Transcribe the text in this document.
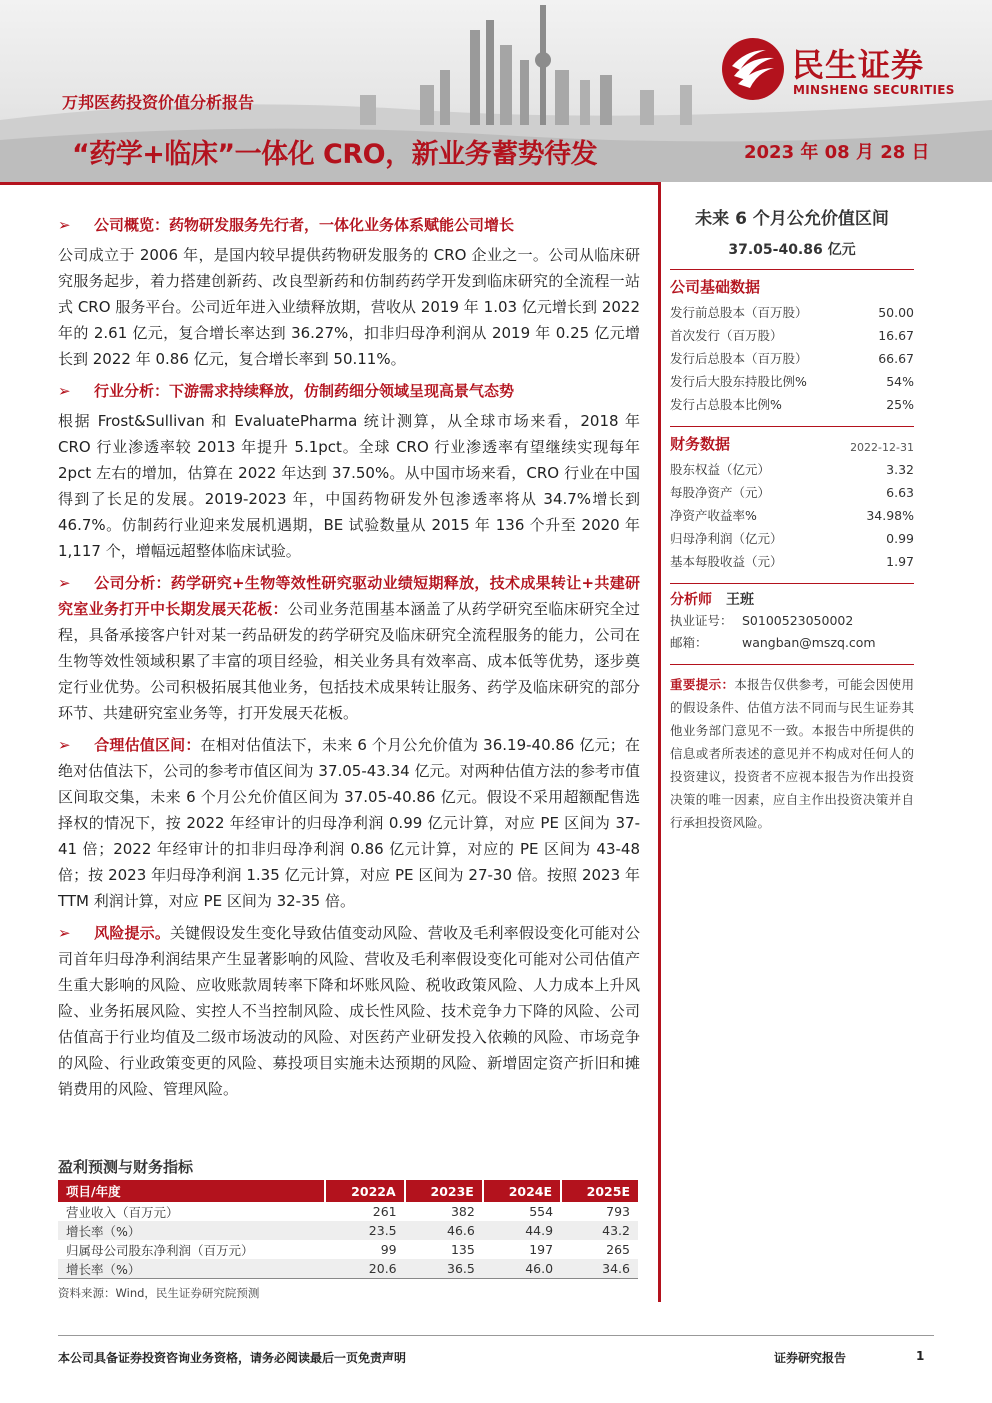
万邦医药投资价值分析报告
“药学+临床”一体化 CRO，新业务蓄势待发	2023 年 08 月 28 日
民生证券
MINSHENG SECURITIES

➢ 公司概览：药物研发服务先行者，一体化业务体系赋能公司增长

公司成立于 2006 年，是国内较早提供药物研发服务的 CRO 企业之一。公司从临床研究服务起步，着力搭建创新药、改良型新药和仿制药药学开发到临床研究的全流程一站式 CRO 服务平台。公司近年进入业绩释放期，营收从 2019 年 1.03 亿元增长到 2022 年的 2.61 亿元，复合增长率达到 36.27%，扣非归母净利润从 2019 年 0.25 亿元增长到 2022 年 0.86 亿元，复合增长率到 50.11%。

➢ 行业分析：下游需求持续释放，仿制药细分领域呈现高景气态势

根据 Frost&Sullivan 和 EvaluatePharma 统计测算，从全球市场来看，2018 年 CRO 行业渗透率较 2013 年提升 5.1pct。全球 CRO 行业渗透率有望继续实现每年 2pct 左右的增加，估算在 2022 年达到 37.50%。从中国市场来看，CRO 行业在中国得到了长足的发展。2019-2023 年，中国药物研发外包渗透率将从 34.7%增长到 46.7%。仿制药行业迎来发展机遇期，BE 试验数量从 2015 年 136 个升至 2020 年 1,117 个，增幅远超整体临床试验。

➢ 公司分析：药学研究+生物等效性研究驱动业绩短期释放，技术成果转让+共建研究室业务打开中长期发展天花板：公司业务范围基本涵盖了从药学研究至临床研究全过程，具备承接客户针对某一药品研发的药学研究及临床研究全流程服务的能力，公司在生物等效性领域积累了丰富的项目经验，相关业务具有效率高、成本低等优势，逐步奠定行业优势。公司积极拓展其他业务，包括技术成果转让服务、药学及临床研究的部分环节、共建研究室业务等，打开发展天花板。

➢ 合理估值区间：在相对估值法下，未来 6 个月公允价值为 36.19-40.86 亿元；在绝对估值法下，公司的参考市值区间为 37.05-43.34 亿元。对两种估值方法的参考市值区间取交集，未来 6 个月公允价值区间为 37.05-40.86 亿元。假设不采用超额配售选择权的情况下，按 2022 年经审计的归母净利润 0.99 亿元计算，对应 PE 区间为 37-41 倍；2022 年经审计的扣非归母净利润 0.86 亿元计算，对应的 PE 区间为 43-48 倍；按 2023 年归母净利润 1.35 亿元计算，对应 PE 区间为 27-30 倍。按照 2023 年 TTM 利润计算，对应 PE 区间为 32-35 倍。

➢ 风险提示。关键假设发生变化导致估值变动风险、营收及毛利率假设变化可能对公司首年归母净利润结果产生显著影响的风险、营收及毛利率假设变化可能对公司估值产生重大影响的风险、应收账款周转率下降和坏账风险、税收政策风险、人力成本上升风险、业务拓展风险、实控人不当控制风险、成长性风险、技术竞争力下降的风险、公司估值高于行业均值及二级市场波动的风险、对医药产业研发投入依赖的风险、市场竞争的风险、行业政策变更的风险、募投项目实施未达预期的风险、新增固定资产折旧和摊销费用的风险、管理风险。

未来 6 个月公允价值区间

37.05-40.86 亿元
公司基础数据
发行前总股本（百万股）	50.00
首次发行（百万股）	16.67
发行后总股本（百万股）	66.67
发行后大股东持股比例%	54%
发行占总股本比例%	25%
财务数据	2022-12-31
股东权益（亿元）	3.32
每股净资产（元）	6.63
净资产收益率%	34.98%
归母净利润（亿元）	0.99
基本每股收益（元）	1.97
分析师	王班
执业证号： S0100523050002
邮箱：	wangban@mszq.com
重要提示：本报告仅供参考，可能会因使用的假设条件、估值方法不同而与民生证券其他业务部门意见不一致。本报告中所提供的信息或者所表述的意见并不构成对任何人的投资建议，投资者不应视本报告为作出投资决策的唯一因素，应自主作出投资决策并自行承担投资风险。
盈利预测与财务指标
项目/年度	2022A	2023E	2024E	2025E
营业收入（百万元）	261	382	554	793
增长率（%）	23.5	46.6	44.9	43.2
归属母公司股东净利润（百万元）	99	135	197	265
增长率（%）	20.6	36.5	46.0	34.6
资料来源：Wind，民生证券研究院预测
本公司具备证券投资咨询业务资格，请务必阅读最后一页免责声明	证券研究报告	1
